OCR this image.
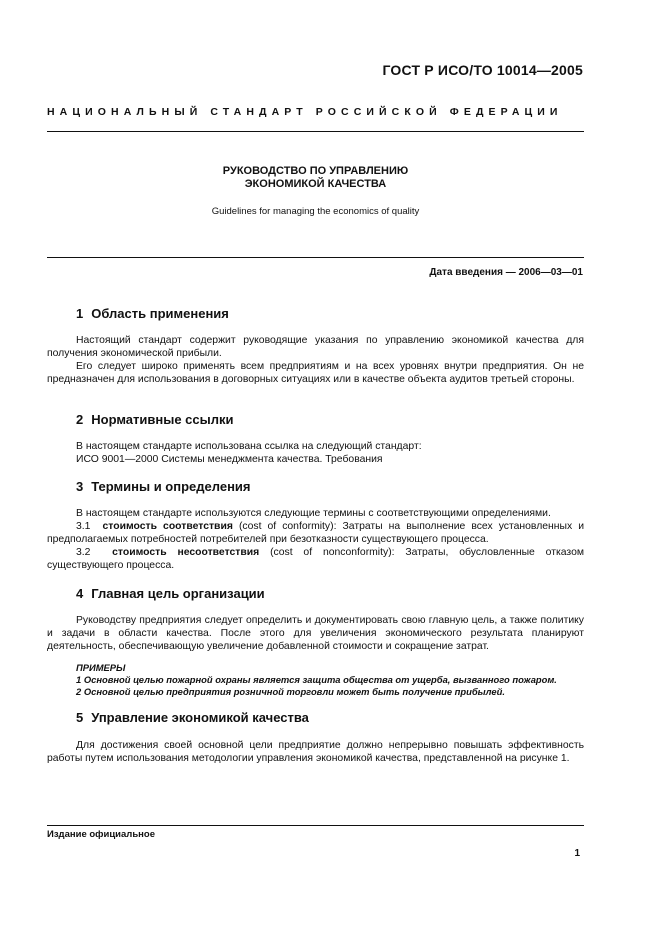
ГОСТ Р ИСО/ТО 10014—2005
НАЦИОНАЛЬНЫЙ СТАНДАРТ РОССИЙСКОЙ ФЕДЕРАЦИИ
РУКОВОДСТВО ПО УПРАВЛЕНИЮ
ЭКОНОМИКОЙ КАЧЕСТВА
Guidelines for managing the economics of quality
Дата введения — 2006—03—01
1 Область применения

Настоящий стандарт содержит руководящие указания по управлению экономикой качества для получения экономической прибыли.

Его следует широко применять всем предприятиям и на всех уровнях внутри предприятия. Он не предназначен для использования в договорных ситуациях или в качестве объекта аудитов третьей стороны.

2 Нормативные ссылки

В настоящем стандарте использована ссылка на следующий стандарт:

ИСО 9001—2000 Системы менеджмента качества. Требования

3 Термины и определения

В настоящем стандарте используются следующие термины с соответствующими определениями.

3.1 стоимость соответствия (cost of conformity): Затраты на выполнение всех установленных и предполагаемых потребностей потребителей при безотказности существующего процесса.

3.2 стоимость несоответствия (cost of nonconformity): Затраты, обусловленные отказом существующего процесса.

4 Главная цель организации

Руководству предприятия следует определить и документировать свою главную цель, а также политику и задачи в области качества. После этого для увеличения экономического результата планируют деятельность, обеспечивающую увеличение добавленной стоимости и сокращение затрат.

ПРИМЕРЫ
1 Основной целью пожарной охраны является защита общества от ущерба, вызванного пожаром.
2 Основной целью предприятия розничной торговли может быть получение прибылей.
5 Управление экономикой качества

Для достижения своей основной цели предприятие должно непрерывно повышать эффективность работы путем использования методологии управления экономикой качества, представленной на рисунке 1.

Издание официальное
1
